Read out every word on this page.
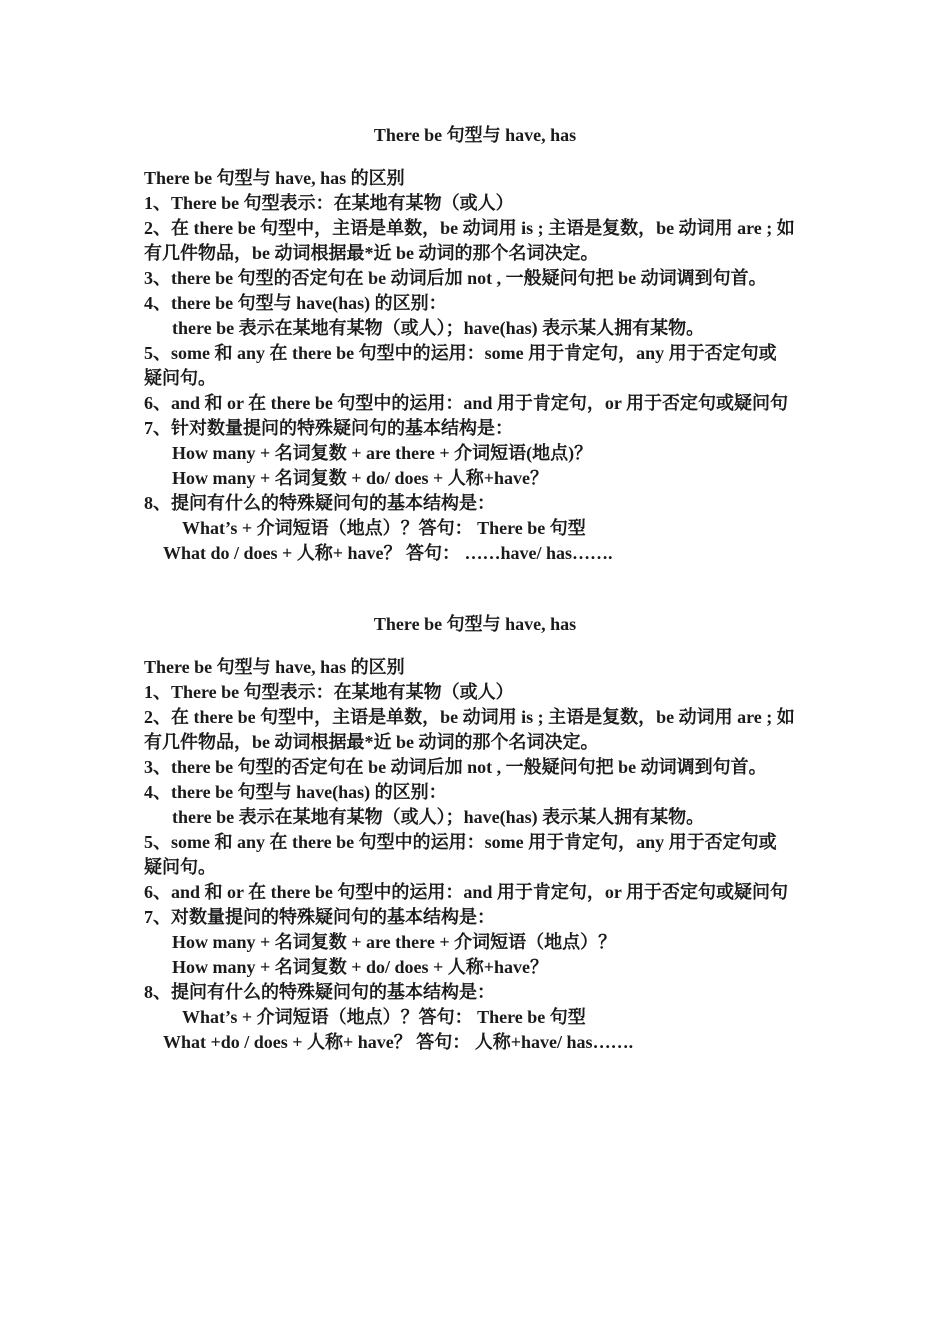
There be 句型与 have, has

There be 句型与 have, has 的区别

1、There be 句型表示：在某地有某物（或人）

2、在 there be 句型中，主语是单数，be 动词用 is ; 主语是复数，be 动词用 are ; 如

有几件物品，be 动词根据最*近 be 动词的那个名词决定。

3、there be 句型的否定句在 be 动词后加 not , 一般疑问句把 be 动词调到句首。

4、there be 句型与 have(has) 的区别：

there be 表示在某地有某物（或人）；have(has) 表示某人拥有某物。

5、some 和 any 在 there be 句型中的运用：some 用于肯定句，any 用于否定句或

疑问句。

6、and 和 or 在 there be 句型中的运用：and 用于肯定句，or 用于否定句或疑问句

7、针对数量提问的特殊疑问句的基本结构是：

How many + 名词复数 + are there + 介词短语(地点)？

How many + 名词复数 + do/ does + 人称+have？

8、提问有什么的特殊疑问句的基本结构是：

What’s + 介词短语（地点）？答句： There be 句型

What do / does + 人称+ have？ 答句： ……have/ has…….

There be 句型与 have, has

There be 句型与 have, has 的区别

1、There be 句型表示：在某地有某物（或人）

2、在 there be 句型中，主语是单数，be 动词用 is ; 主语是复数，be 动词用 are ; 如

有几件物品，be 动词根据最*近 be 动词的那个名词决定。

3、there be 句型的否定句在 be 动词后加 not , 一般疑问句把 be 动词调到句首。

4、there be 句型与 have(has) 的区别：

there be 表示在某地有某物（或人）；have(has) 表示某人拥有某物。

5、some 和 any 在 there be 句型中的运用：some 用于肯定句，any 用于否定句或

疑问句。

6、and 和 or 在 there be 句型中的运用：and 用于肯定句，or 用于否定句或疑问句

7、对数量提问的特殊疑问句的基本结构是：

How many + 名词复数 + are there + 介词短语（地点）？

How many + 名词复数 + do/ does + 人称+have？

8、提问有什么的特殊疑问句的基本结构是：

What’s + 介词短语（地点）？答句： There be 句型

What +do / does + 人称+ have？ 答句： 人称+have/ has…….
